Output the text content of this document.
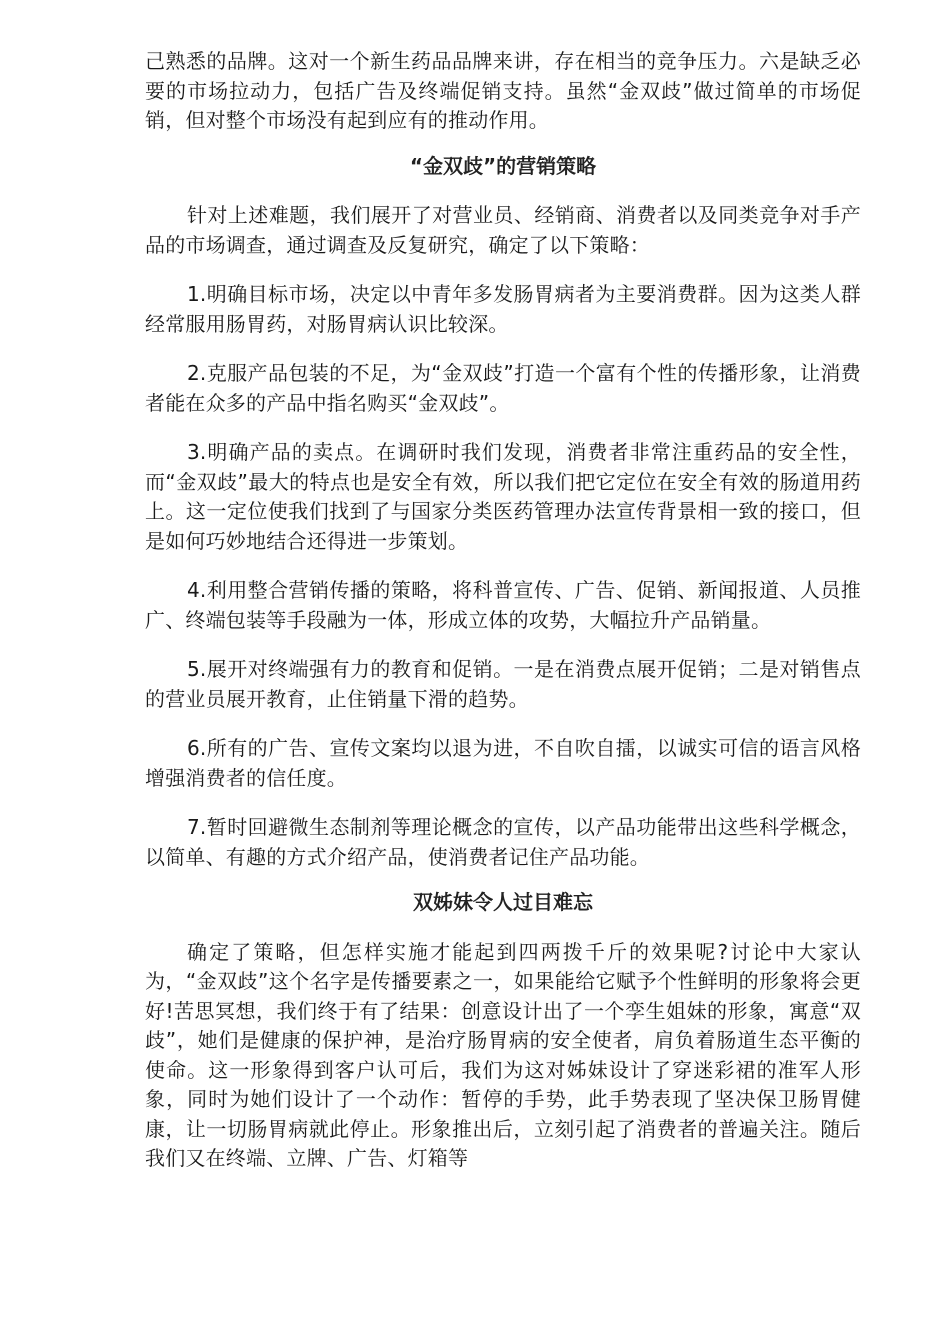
己熟悉的品牌。这对一个新生药品品牌来讲，存在相当的竞争压力。六是缺乏必要的市场拉动力，包括广告及终端促销支持。虽然“金双歧”做过简单的市场促销，但对整个市场没有起到应有的推动作用。

“金双歧”的营销策略

针对上述难题，我们展开了对营业员、经销商、消费者以及同类竞争对手产品的市场调查，通过调查及反复研究，确定了以下策略：

1.明确目标市场，决定以中青年多发肠胃病者为主要消费群。因为这类人群经常服用肠胃药，对肠胃病认识比较深。

2.克服产品包装的不足，为“金双歧”打造一个富有个性的传播形象，让消费者能在众多的产品中指名购买“金双歧”。

3.明确产品的卖点。在调研时我们发现，消费者非常注重药品的安全性，而“金双歧”最大的特点也是安全有效，所以我们把它定位在安全有效的肠道用药上。这一定位使我们找到了与国家分类医药管理办法宣传背景相一致的接口，但是如何巧妙地结合还得进一步策划。

4.利用整合营销传播的策略，将科普宣传、广告、促销、新闻报道、人员推广、终端包装等手段融为一体，形成立体的攻势，大幅拉升产品销量。

5.展开对终端强有力的教育和促销。一是在消费点展开促销；二是对销售点的营业员展开教育，止住销量下滑的趋势。

6.所有的广告、宣传文案均以退为进，不自吹自擂，以诚实可信的语言风格增强消费者的信任度。

7.暂时回避微生态制剂等理论概念的宣传，以产品功能带出这些科学概念，以简单、有趣的方式介绍产品，使消费者记住产品功能。

双姊妹令人过目难忘

确定了策略，但怎样实施才能起到四两拨千斤的效果呢?讨论中大家认为，“金双歧”这个名字是传播要素之一，如果能给它赋予个性鲜明的形象将会更好!苦思冥想，我们终于有了结果：创意设计出了一个孪生姐妹的形象，寓意“双歧”，她们是健康的保护神，是治疗肠胃病的安全使者，肩负着肠道生态平衡的使命。这一形象得到客户认可后，我们为这对姊妹设计了穿迷彩裙的准军人形象，同时为她们设计了一个动作：暂停的手势，此手势表现了坚决保卫肠胃健康，让一切肠胃病就此停止。形象推出后，立刻引起了消费者的普遍关注。随后我们又在终端、立牌、广告、灯箱等
